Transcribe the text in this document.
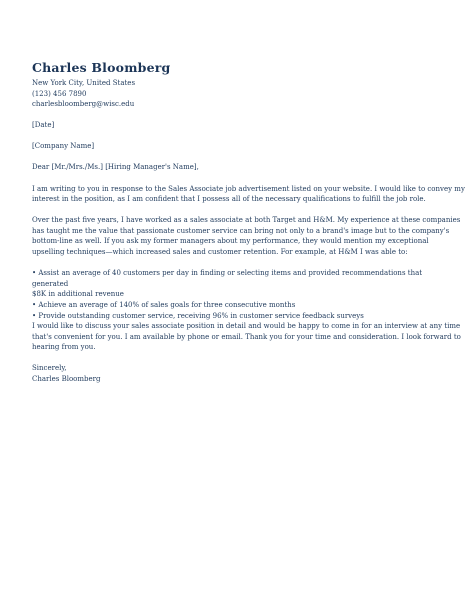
Charles Bloomberg
New York City, United States
(123) 456 7890
charlesbloomberg@wisc.edu
[Date]
[Company Name]
Dear [Mr./Mrs./Ms.] [Hiring Manager's Name],

I am writing to you in response to the Sales Associate job advertisement listed on your website. I would like to convey my
interest in the position, as I am confident that I possess all of the necessary qualifications to fulfill the job role.

Over the past five years, I have worked as a sales associate at both Target and H&M. My experience at these companies
has taught me the value that passionate customer service can bring not only to a brand's image but to the company's
bottom-line as well. If you ask my former managers about my performance, they would mention my exceptional
upselling techniques—which increased sales and customer retention. For example, at H&M I was able to:

• Assist an average of 40 customers per day in finding or selecting items and provided recommendations that generated
$8K in additional revenue
• Achieve an average of 140% of sales goals for three consecutive months
• Provide outstanding customer service, receiving 96% in customer service feedback surveys

I would like to discuss your sales associate position in detail and would be happy to come in for an interview at any time
that's convenient for you. I am available by phone or email. Thank you for your time and consideration. I look forward to
hearing from you.

Sincerely,
Charles Bloomberg
